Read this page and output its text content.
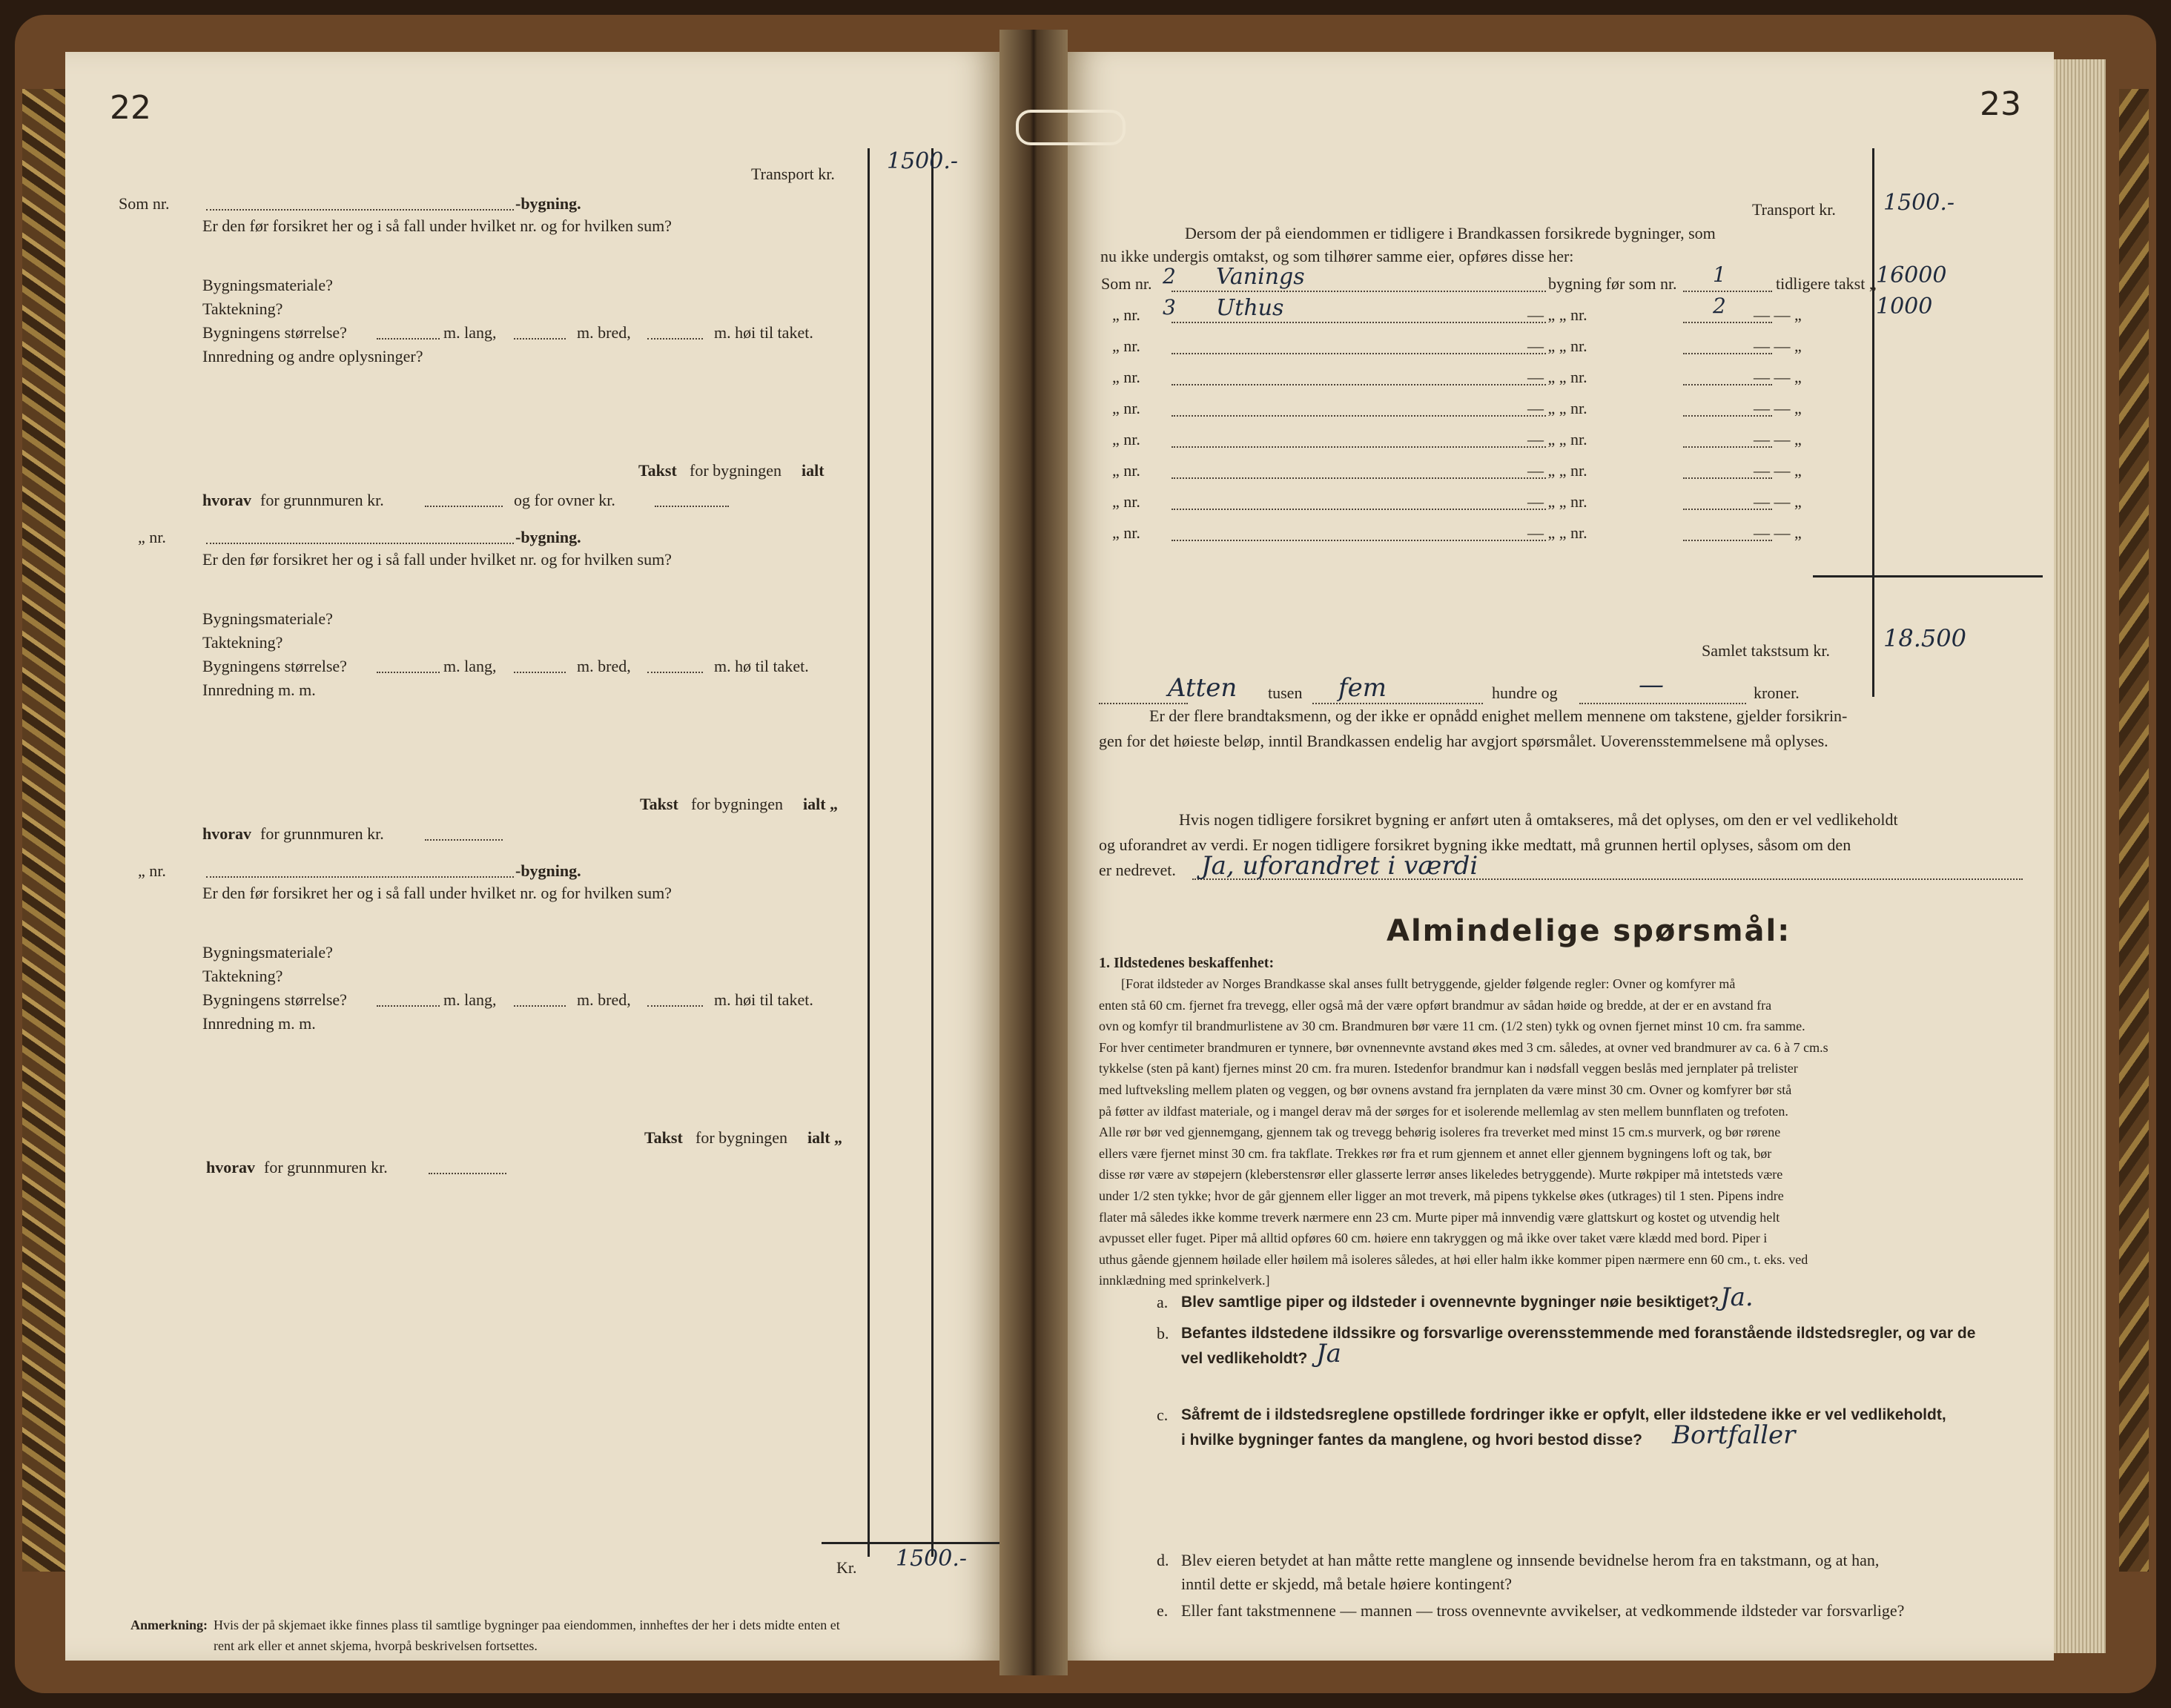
22
Transport kr. 1500.-
Som nr.	-bygning.
Er den før forsikret her og i så fall under hvilket nr. og for hvilken sum?
Bygningsmateriale?
Taktekning?
Bygningens størrelse?	m. lang,	m. bred,	m. høi til taket.
Innredning og andre oplysninger?
Takst for bygningen ialt
hvorav for grunnmuren kr.	og for ovner kr.
„ nr.	-bygning.
Er den før forsikret her og i så fall under hvilket nr. og for hvilken sum?
Bygningsmateriale?
Taktekning?
Bygningens størrelse?	m. lang,	m. bred,	m. hø til taket.
Innredning m. m.
Takst for bygningen ialt „
hvorav for grunnmuren kr.
„ nr.	-bygning.
Er den før forsikret her og i så fall under hvilket nr. og for hvilken sum?
Bygningsmateriale?
Taktekning?
Bygningens størrelse?	m. lang,	m. bred,	m. høi til taket.
Innredning m. m.
Takst for bygningen ialt „
hvorav for grunnmuren kr.
Kr. 1500.-
Anmerkning: Hvis der på skjemaet ikke finnes plass til samtlige bygninger paa eiendommen, innheftes der her i dets midte enten et
rent ark eller et annet skjema, hvorpå beskrivelsen fortsettes.
23
Transport kr. 1500.-
Dersom der på eiendommen er tidligere i Brandkassen forsikrede bygninger, som
nu ikke undergis omtakst, og som tilhører samme eier, opføres disse her:
Som nr. 2 Vanings	bygning før som nr. 1	tidligere takst „ 16000
„ nr. 3 Uthus	— „ „ nr.	2 — — „	1000
„ nr.	— „ „ nr.	— — „
„ nr.	— „ „ nr.	— — „
„ nr.	— „ „ nr.	— — „
„ nr.	— „ „ nr.	— — „
„ nr.	— „ „ nr.	— — „
„ nr.	— „ „ nr.	— — „
„ nr.	— „ „ nr.	— — „
Samlet takstsum kr. 18.500
Atten tusen fem	hundre og	—	kroner.
Er der flere brandtaksmenn, og der ikke er opnådd enighet mellem mennene om takstene, gjelder forsikrin-
gen for det høieste beløp, inntil Brandkassen endelig har avgjort spørsmålet. Uoverensstemmelsene må oplyses.
Hvis nogen tidligere forsikret bygning er anført uten å omtakseres, må det oplyses, om den er vel vedlikeholdt
og uforandret av verdi. Er nogen tidligere forsikret bygning ikke medtatt, må grunnen hertil oplyses, såsom om den
er nedrevet. Ja, uforandret i værdi
Almindelige spørsmål:
1. Ildstedenes beskaffenhet:
[Forat ildsteder av Norges Brandkasse skal anses fullt betryggende, gjelder følgende regler: Ovner og komfyrer må
enten stå 60 cm. fjernet fra trevegg, eller også må der være opført brandmur av sådan høide og bredde, at der er en avstand fra
ovn og komfyr til brandmurlistene av 30 cm. Brandmuren bør være 11 cm. (1/2 sten) tykk og ovnen fjernet minst 10 cm. fra samme.
For hver centimeter brandmuren er tynnere, bør ovnennevnte avstand økes med 3 cm. således, at ovner ved brandmurer av ca. 6 à 7 cm.s
tykkelse (sten på kant) fjernes minst 20 cm. fra muren. Istedenfor brandmur kan i nødsfall veggen beslås med jernplater på trelister
med luftveksling mellem platen og veggen, og bør ovnens avstand fra jernplaten da være minst 30 cm. Ovner og komfyrer bør stå
på føtter av ildfast materiale, og i mangel derav må der sørges for et isolerende mellemlag av sten mellem bunnflaten og trefoten.
Alle rør bør ved gjennemgang, gjennem tak og trevegg behørig isoleres fra treverket med minst 15 cm.s murverk, og bør rørene
ellers være fjernet minst 30 cm. fra takflate. Trekkes rør fra et rum gjennem et annet eller gjennem bygningens loft og tak, bør
disse rør være av støpejern (kleberstensrør eller glasserte lerrør anses likeledes betryggende). Murte røkpiper må intetsteds være
under 1/2 sten tykke; hvor de går gjennem eller ligger an mot treverk, må pipens tykkelse økes (utkrages) til 1 sten. Pipens indre
flater må således ikke komme treverk nærmere enn 23 cm. Murte piper må innvendig være glattskurt og kostet og utvendig helt
avpusset eller fuget. Piper må alltid opføres 60 cm. høiere enn takryggen og må ikke over taket være klædd med bord. Piper i
uthus gående gjennem høilade eller høilem må isoleres således, at høi eller halm ikke kommer pipen nærmere enn 60 cm., t. eks. ved
innklædning med sprinkelverk.]
a. Blev samtlige piper og ildsteder i ovennevnte bygninger nøie besiktiget? Ja.
b. Befantes ildstedene ildssikre og forsvarlige overensstemmende med foranstående ildstedsregler, og var de
vel vedlikeholdt? Ja
c. Såfremt de i ildstedsreglene opstillede fordringer ikke er opfylt, eller ildstedene ikke er vel vedlikeholdt,
i hvilke bygninger fantes da manglene, og hvori bestod disse? Bortfaller
d. Blev eieren betydet at han måtte rette manglene og innsende bevidnelse herom fra en takstmann, og at han,
inntil dette er skjedd, må betale høiere kontingent?
e. Eller fant takstmennene — mannen — tross ovennevnte avvikelser, at vedkommende ildsteder var forsvarlige?
